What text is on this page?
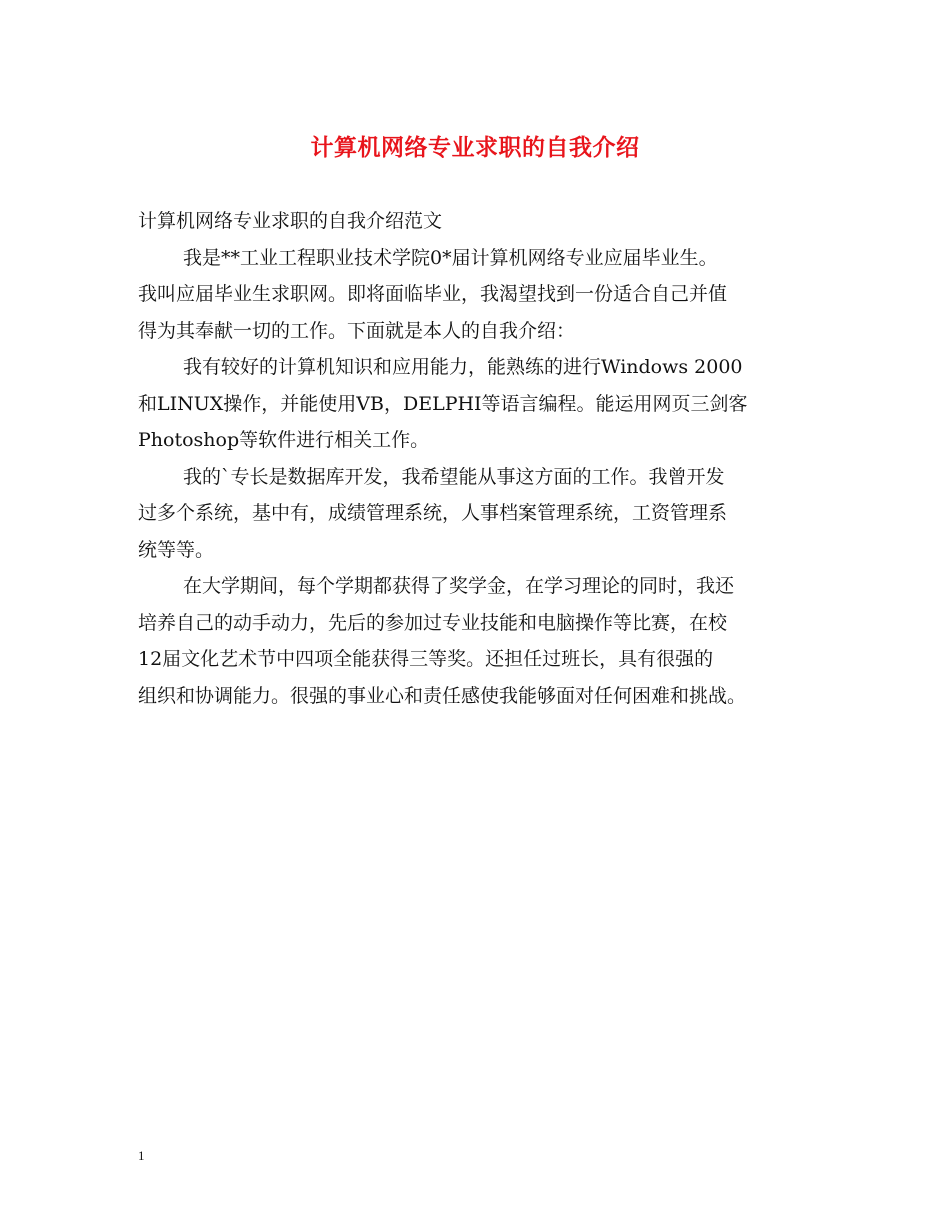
计算机网络专业求职的自我介绍
计算机网络专业求职的自我介绍范文
我是**工业工程职业技术学院0*届计算机网络专业应届毕业生。
我叫应届毕业生求职网。即将面临毕业，我渴望找到一份适合自己并值
得为其奉献一切的工作。下面就是本人的自我介绍：
我有较好的计算机知识和应用能力，能熟练的进行Windows 2000
和LINUX操作，并能使用VB，DELPHI等语言编程。能运用网页三剑客
Photoshop等软件进行相关工作。
我的`专长是数据库开发，我希望能从事这方面的工作。我曾开发
过多个系统，基中有，成绩管理系统，人事档案管理系统，工资管理系
统等等。
在大学期间，每个学期都获得了奖学金，在学习理论的同时，我还
培养自己的动手动力，先后的参加过专业技能和电脑操作等比赛，在校
12届文化艺术节中四项全能获得三等奖。还担任过班长，具有很强的
组织和协调能力。很强的事业心和责任感使我能够面对任何困难和挑战。
1
